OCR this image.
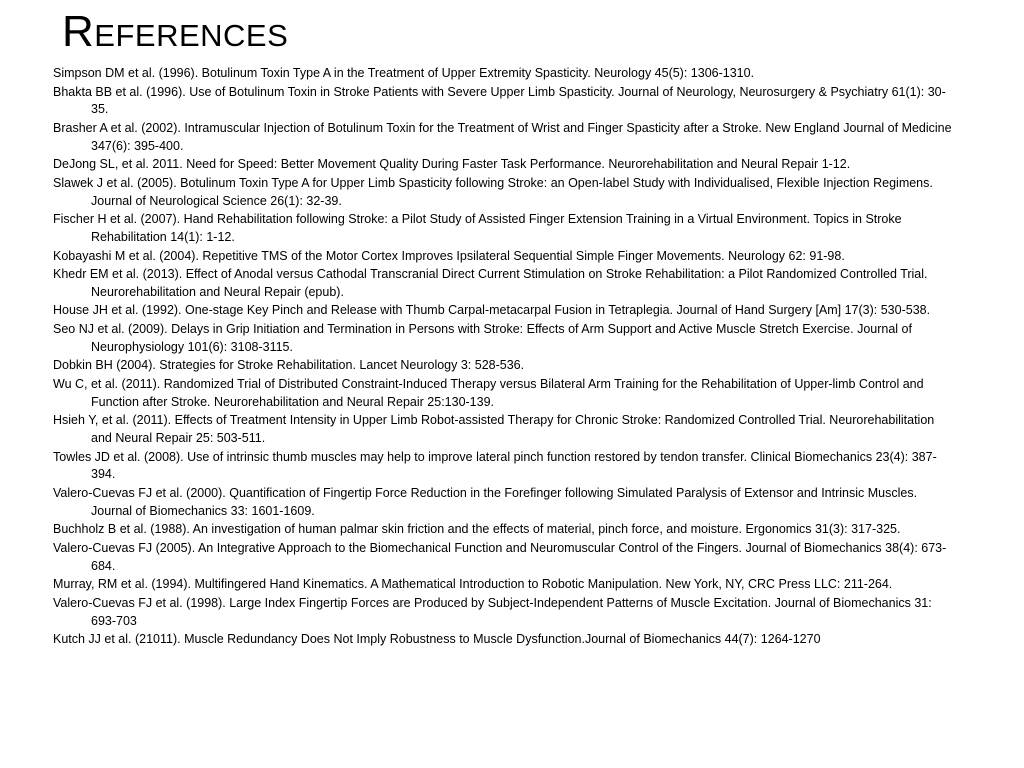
References
Simpson DM et al. (1996). Botulinum Toxin Type A in the Treatment of Upper Extremity Spasticity. Neurology 45(5): 1306-1310.
Bhakta BB et al. (1996). Use of Botulinum Toxin in Stroke Patients with Severe Upper Limb Spasticity. Journal of Neurology, Neurosurgery & Psychiatry 61(1): 30-35.
Brasher A et al. (2002). Intramuscular Injection of Botulinum Toxin for the Treatment of Wrist and Finger Spasticity after a Stroke. New England Journal of Medicine 347(6): 395-400.
DeJong SL, et al. 2011. Need for Speed: Better Movement Quality During Faster Task Performance. Neurorehabilitation and Neural Repair 1-12.
Slawek J et al. (2005). Botulinum Toxin Type A for Upper Limb Spasticity following Stroke: an Open-label Study with Individualised, Flexible Injection Regimens. Journal of Neurological Science 26(1): 32-39.
Fischer H et al. (2007). Hand Rehabilitation following Stroke: a Pilot Study of Assisted Finger Extension Training in a Virtual Environment. Topics in Stroke Rehabilitation 14(1): 1-12.
Kobayashi M et al. (2004). Repetitive TMS of the Motor Cortex Improves Ipsilateral Sequential Simple Finger Movements. Neurology 62: 91-98.
Khedr EM et al. (2013). Effect of Anodal versus Cathodal Transcranial Direct Current Stimulation on Stroke Rehabilitation: a Pilot Randomized Controlled Trial. Neurorehabilitation and Neural Repair (epub).
House JH et al. (1992). One-stage Key Pinch and Release with Thumb Carpal-metacarpal Fusion in Tetraplegia. Journal of Hand Surgery [Am] 17(3): 530-538.
Seo NJ et al. (2009). Delays in Grip Initiation and Termination in Persons with Stroke: Effects of Arm Support and Active Muscle Stretch Exercise. Journal of Neurophysiology 101(6): 3108-3115.
Dobkin BH (2004). Strategies for Stroke Rehabilitation. Lancet Neurology 3: 528-536.
Wu C, et al. (2011). Randomized Trial of Distributed Constraint-Induced Therapy versus Bilateral Arm Training for the Rehabilitation of Upper-limb Control and Function after Stroke. Neurorehabilitation and Neural Repair 25:130-139.
Hsieh Y, et al. (2011). Effects of Treatment Intensity in Upper Limb Robot-assisted Therapy for Chronic Stroke: Randomized Controlled Trial. Neurorehabilitation and Neural Repair 25: 503-511.
Towles JD et al. (2008). Use of intrinsic thumb muscles may help to improve lateral pinch function restored by tendon transfer. Clinical Biomechanics 23(4): 387-394.
Valero-Cuevas FJ et al. (2000). Quantification of Fingertip Force Reduction in the Forefinger following Simulated Paralysis of Extensor and Intrinsic Muscles. Journal of Biomechanics 33: 1601-1609.
Buchholz B et al. (1988). An investigation of human palmar skin friction and the effects of material, pinch force, and moisture. Ergonomics 31(3): 317-325.
Valero-Cuevas FJ (2005). An Integrative Approach to the Biomechanical Function and Neuromuscular Control of the Fingers. Journal of Biomechanics 38(4): 673-684.
Murray, RM et al. (1994). Multifingered Hand Kinematics. A Mathematical Introduction to Robotic Manipulation. New York, NY, CRC Press LLC: 211-264.
Valero-Cuevas FJ et al. (1998). Large Index Fingertip Forces are Produced by Subject-Independent Patterns of Muscle Excitation. Journal of Biomechanics 31: 693-703
Kutch JJ et al. (21011). Muscle Redundancy Does Not Imply Robustness to Muscle Dysfunction.Journal of Biomechanics 44(7): 1264-1270
